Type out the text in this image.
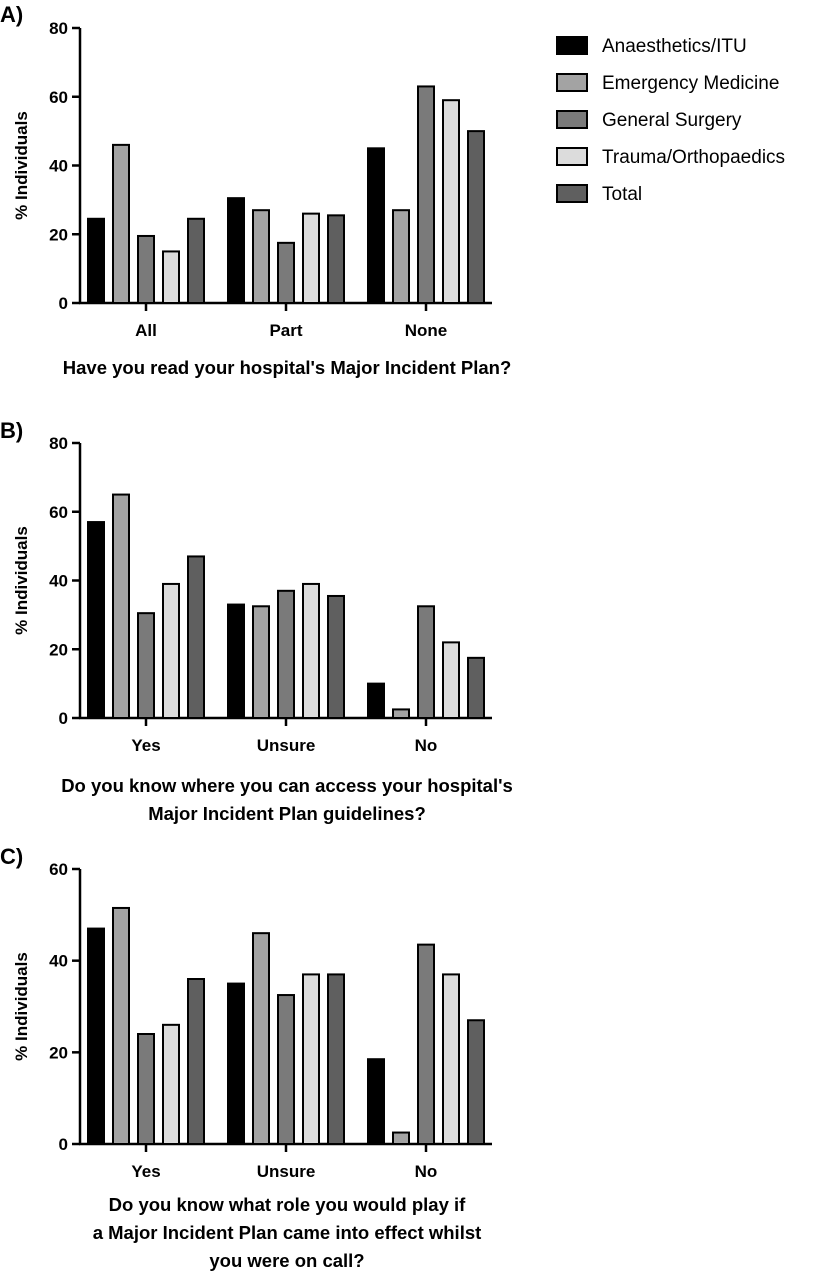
A)
% Individuals
0
20
40
60
80
All	Part	None
Have you read your hospital's Major Incident Plan?
B)
% Individuals
0
20
40
60
80
Yes	Unsure	No
Do you know where you can access your hospital's
Major Incident Plan guidelines?
C)
% Individuals
0
20
40
60
Yes	Unsure	No
Do you know what role you would play if
a Major Incident Plan came into effect whilst
you were on call?
Anaesthetics/ITU
Emergency Medicine
General Surgery
Trauma/Orthopaedics
Total
